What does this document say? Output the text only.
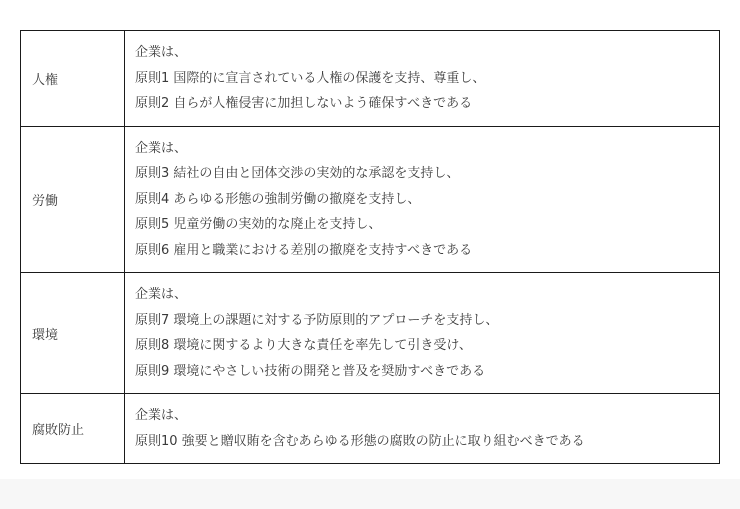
人権	企業は、
原則1 国際的に宣言されている人権の保護を支持、尊重し、
原則2 自らが人権侵害に加担しないよう確保すべきである

労働	企業は、
原則3 結社の自由と団体交渉の実効的な承認を支持し、
原則4 あらゆる形態の強制労働の撤廃を支持し、
原則5 児童労働の実効的な廃止を支持し、
原則6 雇用と職業における差別の撤廃を支持すべきである

環境	企業は、
原則7 環境上の課題に対する予防原則的アプローチを支持し、
原則8 環境に関するより大きな責任を率先して引き受け、
原則9 環境にやさしい技術の開発と普及を奨励すべきである

腐敗防止	企業は、
原則10 強要と贈収賄を含むあらゆる形態の腐敗の防止に取り組むべきである
